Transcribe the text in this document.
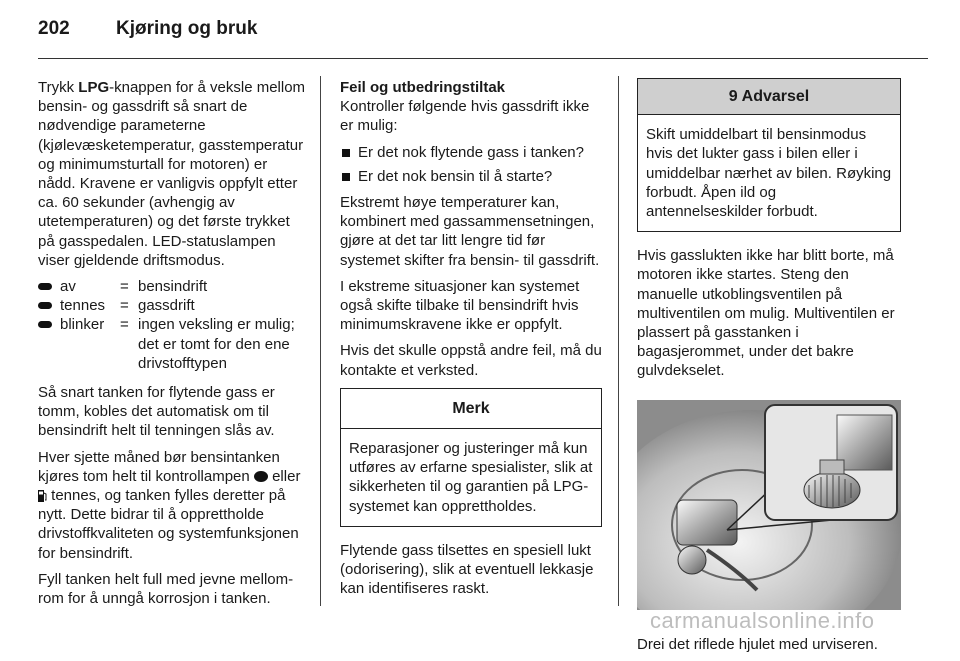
202 Kjøring og bruk

Trykk LPG-knappen for å veksle mellom bensin- og gassdrift så snart de nødvendige parameterne (kjølevæsketemperatur, gasstemperatur og minimumsturtall for motoren) er nådd. Kravene er vanligvis oppfylt etter ca. 60 sekunder (avhengig av utetemperaturen) og det første trykket på gasspedalen. LED-statuslampen viser gjeldende driftsmodus.

av	= bensindrift
tennes = gassdrift
blinker	= ingen veksling er mulig; det er tomt for den ene drivstofftypen

Så snart tanken for flytende gass er tomm, kobles det automatisk om til bensindrift helt til tenningen slås av.

Hver sjette måned bør bensintanken kjøres tom helt til kontrollampen  eller  tennes, og tanken fylles deretter på nytt. Dette bidrar til å opprettholde drivstoffkvaliteten og systemfunksjonen for bensindrift.

Fyll tanken helt full med jevne mellomrom for å unngå korrosjon i tanken.

Feil og utbedringstiltak

Kontroller følgende hvis gassdrift ikke er mulig:

Er det nok flytende gass i tanken?
Er det nok bensin til å starte?

Ekstremt høye temperaturer kan, kombinert med gassammensetningen, gjøre at det tar litt lengre tid før systemet skifter fra bensin- til gassdrift.

I ekstreme situasjoner kan systemet også skifte tilbake til bensindrift hvis minimumskravene ikke er oppfylt.

Hvis det skulle oppstå andre feil, må du kontakte et verksted.

Merk
Reparasjoner og justeringer må kun utføres av erfarne spesialister, slik at sikkerheten til og garantien på LPG-systemet kan opprettholdes.

Flytende gass tilsettes en spesiell lukt (odorisering), slik at eventuell lekkasje kan identifiseres raskt.

9 Advarsel
Skift umiddelbart til bensinmodus hvis det lukter gass i bilen eller i umiddelbar nærhet av bilen. Røyking forbudt. Åpen ild og antennelseskilder forbudt.

Hvis gasslukten ikke har blitt borte, må motoren ikke startes. Steng den manuelle utkoblingsventilen på multiventilen om mulig. Multiventilen er plassert på gasstanken i bagasjerommet, under det bakre gulvdekselet.

Drei det riflede hjulet med urviseren.

carmanualsonline.info
